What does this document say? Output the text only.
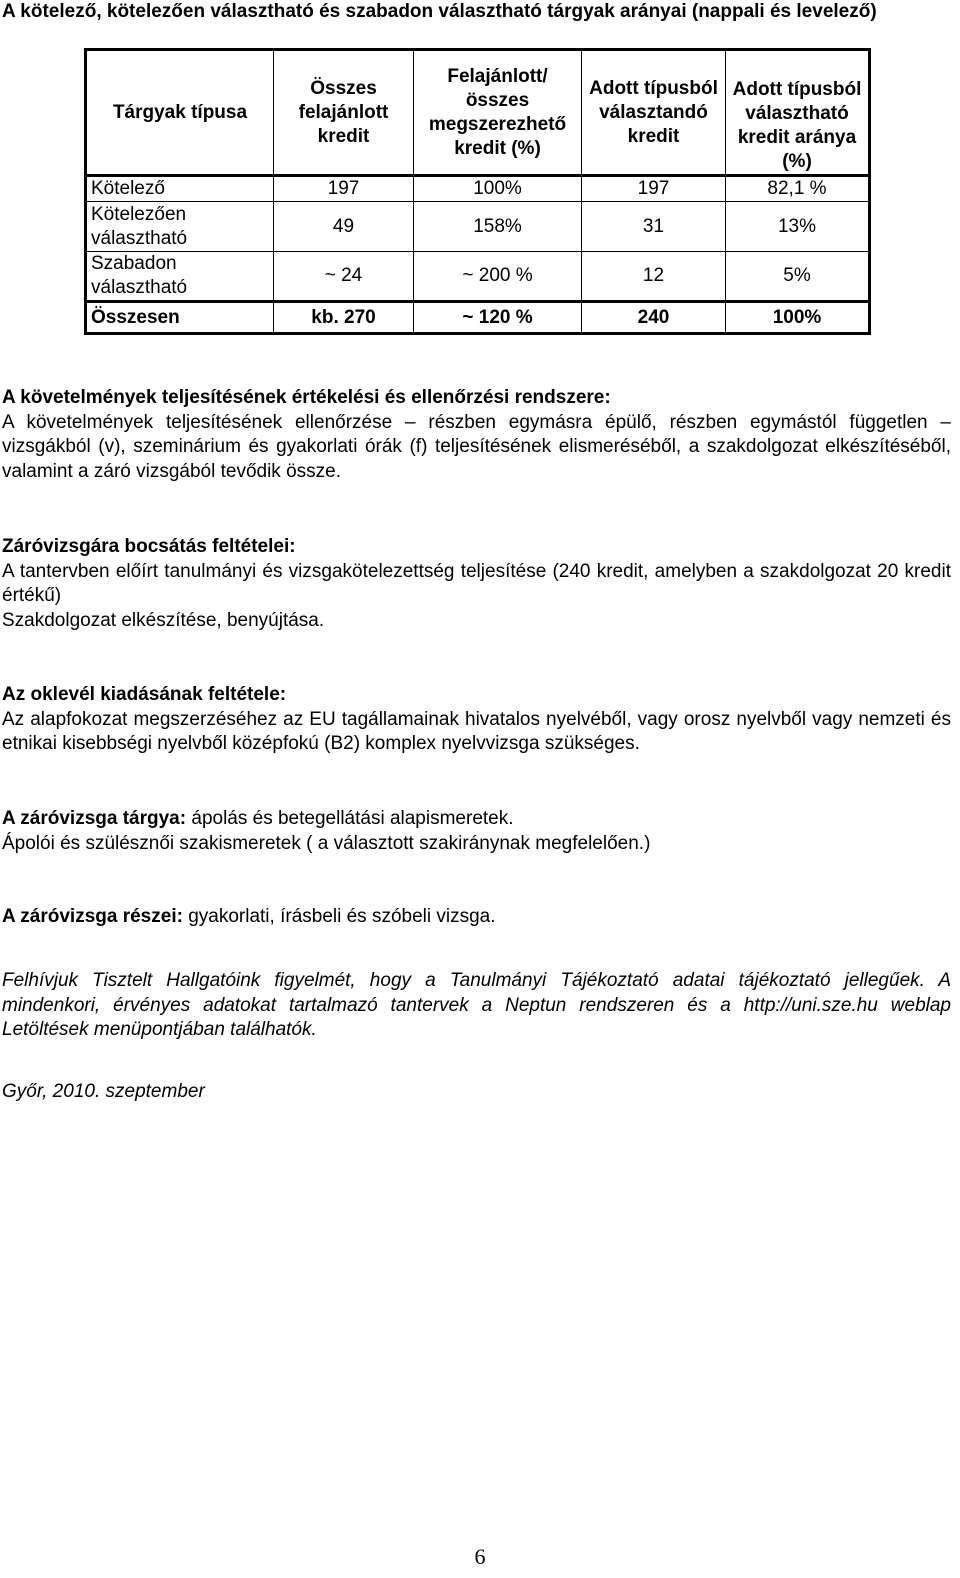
A kötelező, kötelezően választható és szabadon választható tárgyak arányai (nappali és levelező)

Tárgyak típusa	Összes felajánlott kredit	Felajánlott/ összes megszerezhető kredit (%)	Adott típusból választandó kredit	Adott típusból választható kredit aránya (%)
Kötelező	197	100%	197	82,1 %
Kötelezően választható	49	158%	31	13%
Szabadon választható	~ 24	~ 200 %	12	5%
Összesen	kb. 270	~ 120 %	240	100%

A követelmények teljesítésének értékelési és ellenőrzési rendszere:

A követelmények teljesítésének ellenőrzése – részben egymásra épülő, részben egymástól független – vizsgákból (v), szeminárium és gyakorlati órák (f) teljesítésének elismeréséből, a szakdolgozat elkészítéséből, valamint a záró vizsgából tevődik össze.

Záróvizsgára bocsátás feltételei:

A tantervben előírt tanulmányi és vizsgakötelezettség teljesítése (240 kredit, amelyben a szakdolgozat 20 kredit értékű)

Szakdolgozat elkészítése, benyújtása.

Az oklevél kiadásának feltétele:

Az alapfokozat megszerzéséhez az EU tagállamainak hivatalos nyelvéből, vagy orosz nyelvből vagy nemzeti és etnikai kisebbségi nyelvből középfokú (B2) komplex nyelvvizsga szükséges.

A záróvizsga tárgya: ápolás és betegellátási alapismeretek.

Ápolói és szülésznői szakismeretek ( a választott szakiránynak megfelelően.)

A záróvizsga részei: gyakorlati, írásbeli és szóbeli vizsga.

Felhívjuk Tisztelt Hallgatóink figyelmét, hogy a Tanulmányi Tájékoztató adatai tájékoztató jellegűek. A mindenkori, érvényes adatokat tartalmazó tantervek a Neptun rendszeren és a http://uni.sze.hu weblap Letöltések menüpontjában találhatók.

Győr, 2010. szeptember

6
